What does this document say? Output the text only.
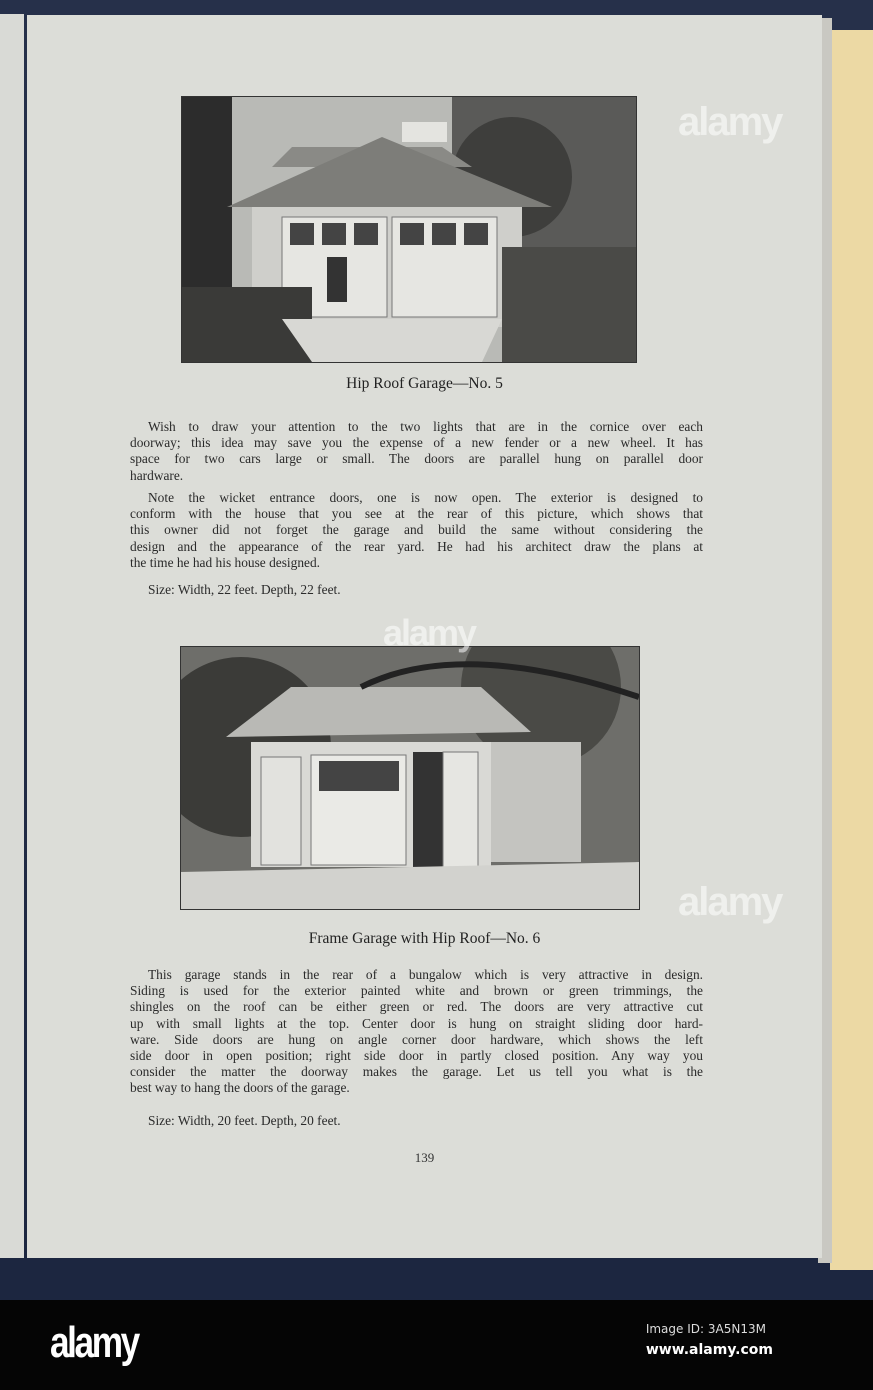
Hip Roof Garage—No. 5
Wish to draw your attention to the two lights that are in the cornice over each
doorway; this idea may save you the expense of a new fender or a new wheel. It has
space for two cars large or small. The doors are parallel hung on parallel door
hardware.
Note the wicket entrance doors, one is now open. The exterior is designed to
conform with the house that you see at the rear of this picture, which shows that
this owner did not forget the garage and build the same without considering the
design and the appearance of the rear yard. He had his architect draw the plans at
the time he had his house designed.
Size: Width, 22 feet. Depth, 22 feet.
Frame Garage with Hip Roof—No. 6
This garage stands in the rear of a bungalow which is very attractive in design.
Siding is used for the exterior painted white and brown or green trimmings, the
shingles on the roof can be either green or red. The doors are very attractive cut
up with small lights at the top. Center door is hung on straight sliding door hard-
ware. Side doors are hung on angle corner door hardware, which shows the left
side door in open position; right side door in partly closed position. Any way you
consider the matter the doorway makes the garage. Let us tell you what is the
best way to hang the doors of the garage.
Size: Width, 20 feet. Depth, 20 feet.
139
alamy
alamy
alamy
alamy	Image ID: 3A5N13M
www.alamy.com
